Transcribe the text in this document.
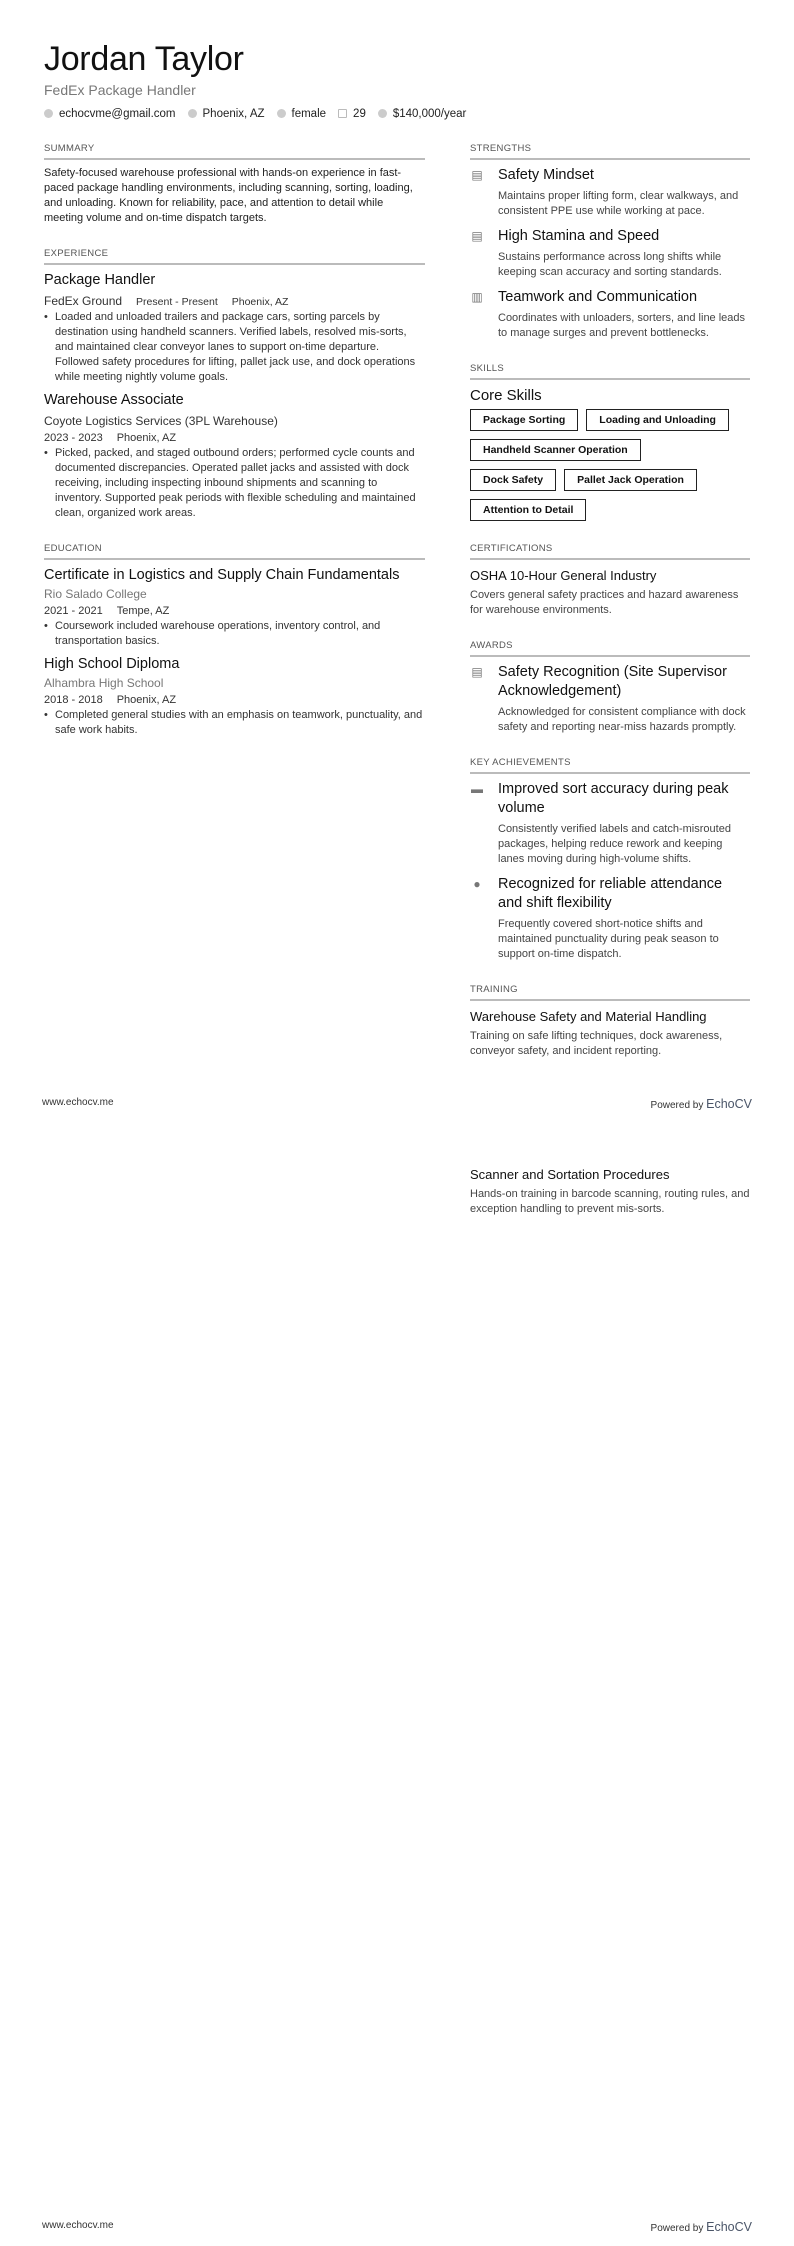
Jordan Taylor
FedEx Package Handler
echocvme@gmail.com	Phoenix, AZ	female	29	$140,000/year
SUMMARY

Safety-focused warehouse professional with hands-on experience in fast-paced package handling environments, including scanning, sorting, loading, and unloading. Known for reliability, pace, and attention to detail while meeting volume and on-time dispatch targets.

EXPERIENCE
Package Handler
FedEx Ground Present - Present Phoenix, AZ
• Loaded and unloaded trailers and package cars, sorting parcels by destination using handheld scanners. Verified labels, resolved mis-sorts, and maintained clear conveyor lanes to support on-time departure. Followed safety procedures for lifting, pallet jack use, and dock operations while meeting nightly volume goals.
Warehouse Associate
Coyote Logistics Services (3PL Warehouse)
2023 - 2023 Phoenix, AZ
• Picked, packed, and staged outbound orders; performed cycle counts and documented discrepancies. Operated pallet jacks and assisted with dock receiving, including inspecting inbound shipments and scanning to inventory. Supported peak periods with flexible scheduling and maintained clean, organized work areas.
EDUCATION
Certificate in Logistics and Supply Chain Fundamentals
Rio Salado College
2021 - 2021 Tempe, AZ
• Coursework included warehouse operations, inventory control, and transportation basics.
High School Diploma
Alhambra High School
2018 - 2018 Phoenix, AZ
• Completed general studies with an emphasis on teamwork, punctuality, and safe work habits.
STRENGTHS
▤ Safety Mindset
Maintains proper lifting form, clear walkways, and consistent PPE use while working at pace.
▤ High Stamina and Speed
Sustains performance across long shifts while keeping scan accuracy and sorting standards.
▥ Teamwork and Communication
Coordinates with unloaders, sorters, and line leads to manage surges and prevent bottlenecks.
SKILLS
Core Skills
Package Sorting	Loading and Unloading
Handheld Scanner Operation
Dock Safety	Pallet Jack Operation
Attention to Detail
CERTIFICATIONS
OSHA 10-Hour General Industry
Covers general safety practices and hazard awareness for warehouse environments.
AWARDS
▤ Safety Recognition (Site Supervisor Acknowledgement)
Acknowledged for consistent compliance with dock safety and reporting near-miss hazards promptly.
KEY ACHIEVEMENTS
▬ Improved sort accuracy during peak volume
Consistently verified labels and catch-misrouted packages, helping reduce rework and keeping lanes moving during high-volume shifts.
● Recognized for reliable attendance and shift flexibility
Frequently covered short-notice shifts and maintained punctuality during peak season to support on-time dispatch.
TRAINING
Warehouse Safety and Material Handling
Training on safe lifting techniques, dock awareness, conveyor safety, and incident reporting.
www.echocv.me	Powered by EchoCV
Scanner and Sortation Procedures
Hands-on training in barcode scanning, routing rules, and exception handling to prevent mis-sorts.
www.echocv.me	Powered by EchoCV
